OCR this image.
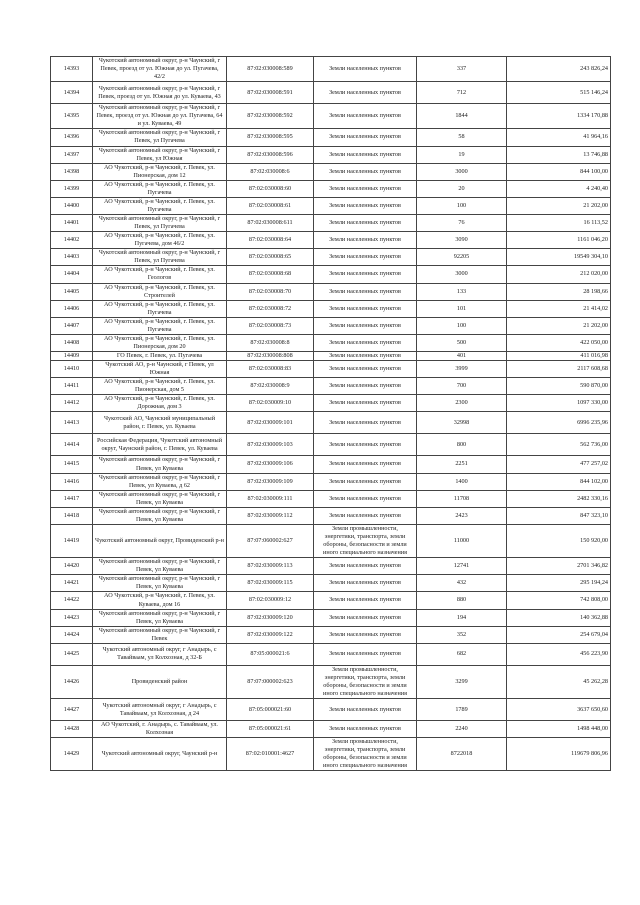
14393	Чукотский автономный округ, р-н Чаунский, г Певек, проезд от ул. Южная до ул. Пугачева, 42/2	87:02:030008:589	Земли населенных пунктов	337	243 826,24
14394	Чукотский автономный округ, р-н Чаунский, г Певек, проезд от ул. Южная до ул. Куваева, 43	87:02:030008:591	Земли населенных пунктов	712	515 146,24
14395	Чукотский автономный округ, р-н Чаунский, г Певек, проезд от ул. Южная до ул. Пугачева, 64 и ул. Куваева, 49	87:02:030008:592	Земли населенных пунктов	1844	1334 170,88
14396	Чукотский автономный округ, р-н Чаунский, г Певек, ул Пугачева	87:02:030008:595	Земли населенных пунктов	58	41 964,16
14397	Чукотский автономный округ, р-н Чаунский, г Певек, ул Южная	87:02:030008:596	Земли населенных пунктов	19	13 746,88
14398	АО Чукотский, р-н Чаунский, г. Певек, ул. Пионерская, дом 12	87:02:030008:6	Земли населенных пунктов	3000	844 100,00
14399	АО Чукотский, р-н Чаунский, г. Певек, ул. Пугачева	87:02:030008:60	Земли населенных пунктов	20	4 240,40
14400	АО Чукотский, р-н Чаунский, г. Певек, ул. Пугачева	87:02:030008:61	Земли населенных пунктов	100	21 202,00
14401	Чукотский автономный округ, р-н Чаунский, г Певек, ул Пугачева	87:02:030008:611	Земли населенных пунктов	76	16 113,52
14402	АО Чукотский, р-н Чаунский, г. Певек, ул. Пугачева, дом 46/2	87:02:030008:64	Земли населенных пунктов	3090	1161 046,20
14403	Чукотский автономный округ, р-н Чаунский, г Певек, ул Пугачева	87:02:030008:65	Земли населенных пунктов	92205	19549 304,10
14404	АО Чукотский, р-н Чаунский, г. Певек, ул. Геологов	87:02:030008:68	Земли населенных пунктов	3000	212 020,00
14405	АО Чукотский, р-н Чаунский, г. Певек, ул. Строителей	87:02:030008:70	Земли населенных пунктов	133	28 198,66
14406	АО Чукотский, р-н Чаунский, г. Певек, ул. Пугачева	87:02:030008:72	Земли населенных пунктов	101	21 414,02
14407	АО Чукотский, р-н Чаунский, г. Певек, ул. Пугачева	87:02:030008:73	Земли населенных пунктов	100	21 202,00
14408	АО Чукотский, р-н Чаунский, г. Певек, ул. Пионерская, дом 20	87:02:030008:8	Земли населенных пунктов	500	422 050,00
14409	ГО Певек, г. Певек, ул. Пугачева	87:02:030008:808	Земли населенных пунктов	401	411 016,98
14410	Чукотский АО, р-н Чаунский, г Певек, ул Южная	87:02:030008:83	Земли населенных пунктов	3999	2117 608,68
14411	АО Чукотский, р-н Чаунский, г. Певек, ул. Пионерская, дом 5	87:02:030008:9	Земли населенных пунктов	700	590 870,00
14412	АО Чукотский, р-н Чаунский, г. Певек, ул. Дорожная, дом 3	87:02:030009:10	Земли населенных пунктов	2300	1097 330,00
14413	Чукотский АО, Чаунский муниципальный район, г. Певек, ул. Куваева	87:02:030009:101	Земли населенных пунктов	32998	6996 235,96
14414	Российская Федерация, Чукотский автономный округ, Чаунский район, г. Певек, ул. Куваева	87:02:030009:103	Земли населенных пунктов	800	562 736,00
14415	Чукотский автономный округ, р-н Чаунский, г Певек, ул Куваева	87:02:030009:106	Земли населенных пунктов	2251	477 257,02
14416	Чукотский автономный округ, р-н Чаунский, г Певек, ул Куваева, д 62	87:02:030009:109	Земли населенных пунктов	1400	844 102,00
14417	Чукотский автономный округ, р-н Чаунский, г Певек, ул Куваева	87:02:030009:111	Земли населенных пунктов	11708	2482 330,16
14418	Чукотский автономный округ, р-н Чаунский, г Певек, ул Куваева	87:02:030009:112	Земли населенных пунктов	2423	847 323,10
14419	Чукотский автономный округ, Провиденский р-н	87:07:060002:627	Земли промышленности, энергетики, транспорта, земли обороны, безопасности и земли иного специального назначения	11000	150 920,00
14420	Чукотский автономный округ, р-н Чаунский, г Певек, ул Куваева	87:02:030009:113	Земли населенных пунктов	12741	2701 346,82
14421	Чукотский автономный округ, р-н Чаунский, г Певек, ул Куваева	87:02:030009:115	Земли населенных пунктов	432	295 194,24
14422	АО Чукотский, р-н Чаунский, г. Певек, ул. Куваева, дом 16	87:02:030009:12	Земли населенных пунктов	880	742 808,00
14423	Чукотский автономный округ, р-н Чаунский, г Певек, ул Куваева	87:02:030009:120	Земли населенных пунктов	194	140 362,88
14424	Чукотский автономный округ, р-н Чаунский, г Певек	87:02:030009:122	Земли населенных пунктов	352	254 679,04
14425	Чукотский автономный округ, г Анадырь, с Тавайваам, ул Колхозная, д 32-Б	87:05:000021:6	Земли населенных пунктов	682	456 223,90
14426	Провиденский район	87:07:000002:623	Земли промышленности, энергетики, транспорта, земли обороны, безопасности и земли иного специального назначения	3299	45 262,28
14427	Чукотский автономный округ, г Анадырь, с Тавайваам, ул Колхозная, д 24	87:05:000021:60	Земли населенных пунктов	1789	3637 650,60
14428	АО Чукотский, г. Анадырь, с. Тавайваам, ул. Колхозная	87:05:000021:61	Земли населенных пунктов	2240	1498 448,00
14429	Чукотский автономный округ, Чаунский р-н	87:02:010001:4627	Земли промышленности, энергетики, транспорта, земли обороны, безопасности и земли иного специального назначения	8722018	119679 806,96
